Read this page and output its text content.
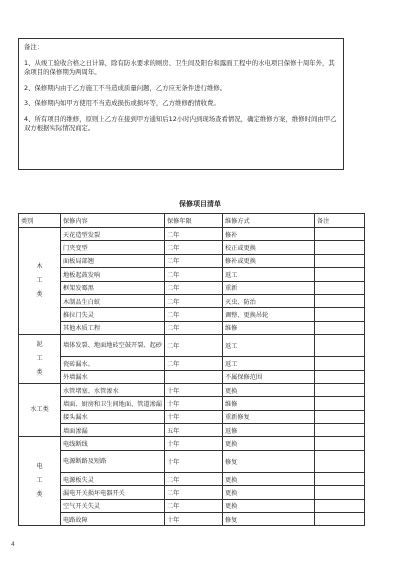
备注：

1、从竣工验收合格之日计算，除有防水要求的厕房、卫生间及阳台和露面工程中的水电项目保修十周年外，其余项目的保修期为两周年。

2、保修期内由于乙方施工不当造成质量问题，乙方应无条件进行维修。

3、保修期内如甲方使用不当造成损伤或损坏等，乙方维修酌情收费。

4、所有项目的维修，原则上乙方在接到甲方通知后12小时内到现场查看情况，确定维修方案，维修时间由甲乙双方根据实际情况商定。

保修项目清单
类别	保修内容	保修年限	维修方式	备注
木
工
类	天花造型发裂	二年	修补	
	门夹变型	二年	校正或更换	
	面板局部翘	二年	修补或更换	
	地板起鼓发响	二年	返工	
	框架发霉黑	二年	重新	
	木制品生白蚁	二年	灭虫、防治	
	推拉门失灵	二年	调整、更换吊轮	
	其他木质工程	二年	维修	
泥
工
类	墙体发裂、地面地砖空鼓开裂、起砂	二年	返工	
	瓷砖漏水、	二年	返工	
	外墙漏水		不属保修范围	
水工类	水管堵塞、水管渗水	十年	更换	
	墙面、厨房和卫生间地面、管道渗漏	十年	维修	
	接头漏水	十年	重新修复	
	墙面渗漏	五年	返修	
电
工
类	电线断线	十年	更换	
	电源断路及短路	十年	修复	
	电源板失灵	二年	更换	
	漏电开关损坏电器开关	二年	更换	
	空气开关失灵	二年	更换	
	电路故障	十年	修复	
4
